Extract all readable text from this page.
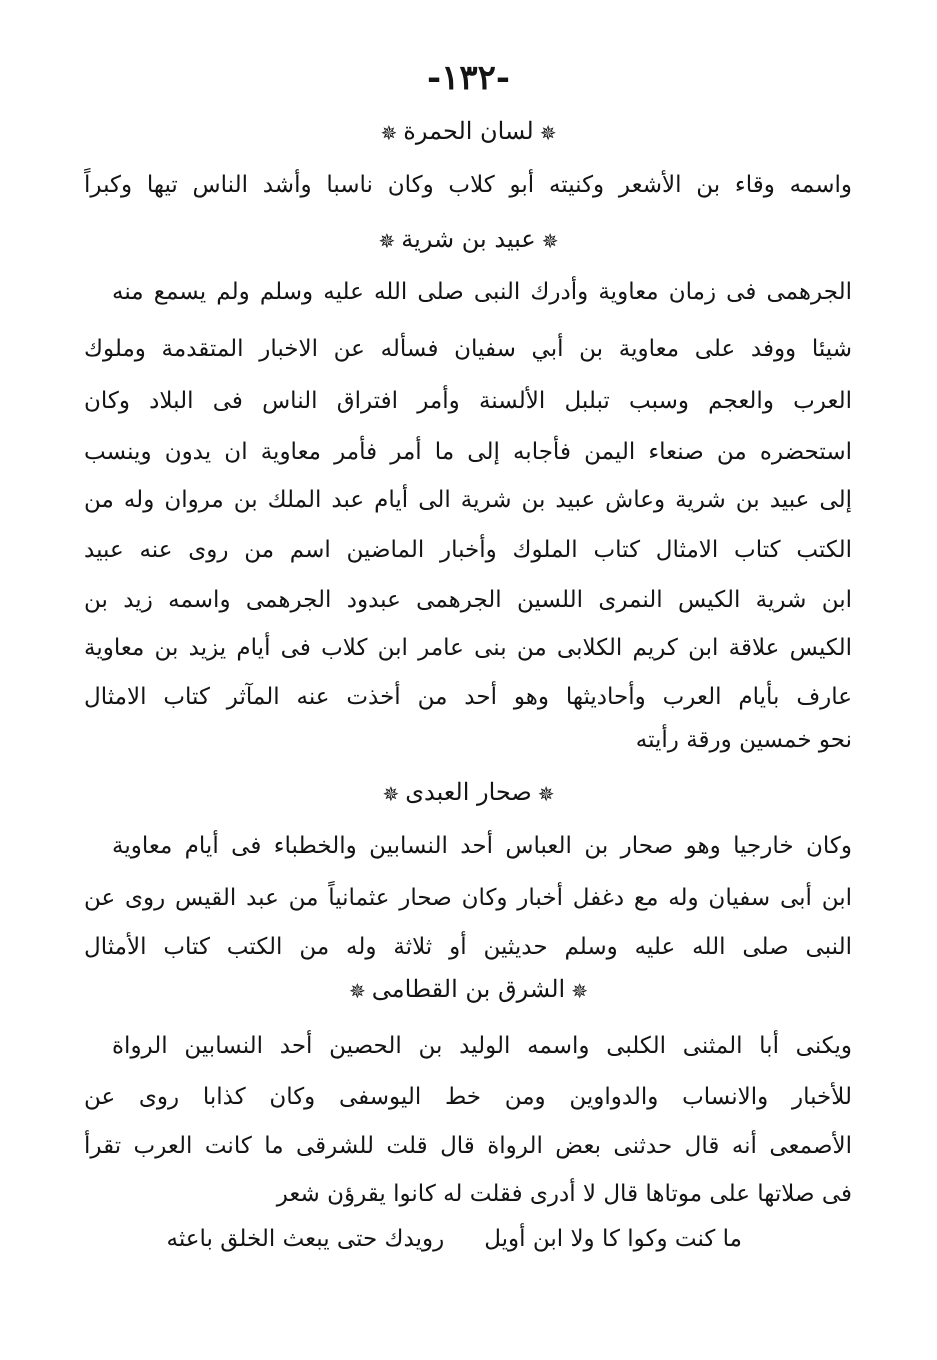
-١٣٢-
✵لسان الحمرة✵
واسمه وقاء بن الأشعر وكنيته أبو كلاب وكان ناسبا وأشد الناس تيها وكبراً
✵عبيد بن شرية✵
الجرهمى فى زمان معاوية وأدرك النبى صلى الله عليه وسلم ولم يسمع منه
شيئا ووفد على معاوية بن أبي سفيان فسأله عن الاخبار المتقدمة وملوك
العرب والعجم وسبب تبلبل الألسنة وأمر افتراق الناس فى البلاد وكان
استحضره من صنعاء اليمن فأجابه إلى ما أمر فأمر معاوية ان يدون وينسب
إلى عبيد بن شرية وعاش عبيد بن شرية الى أيام عبد الملك بن مروان وله من
الكتب كتاب الامثال كتاب الملوك وأخبار الماضين اسم من روى عنه عبيد
ابن شرية الكيس النمرى اللسين الجرهمى عبدود الجرهمى واسمه زيد بن
الكيس علاقة ابن كريم الكلابى من بنى عامر ابن كلاب فى أيام يزيد بن معاوية
عارف بأيام العرب وأحاديثها وهو أحد من أخذت عنه المآثر كتاب الامثال
نحو خمسين ورقة رأيته
✵صحار العبدى✵
وكان خارجيا وهو صحار بن العباس أحد النسابين والخطباء فى أيام معاوية
ابن أبى سفيان وله مع دغفل أخبار وكان صحار عثمانياً من عبد القيس روى عن
النبى صلى الله عليه وسلم حديثين أو ثلاثة وله من الكتب كتاب الأمثال
✵الشرق بن القطامى✵
ويكنى أبا المثنى الكلبى واسمه الوليد بن الحصين أحد النسابين الرواة
للأخبار والانساب والدواوين ومن خط اليوسفى وكان كذابا روى عن
الأصمعى أنه قال حدثنى بعض الرواة قال قلت للشرقى ما كانت العرب تقرأ
فى صلاتها على موتاها قال لا أدرى فقلت له كانوا يقرؤن شعر
ما كنت وكوا كا ولا ابن أويلرويدك حتى يبعث الخلق باعثه
